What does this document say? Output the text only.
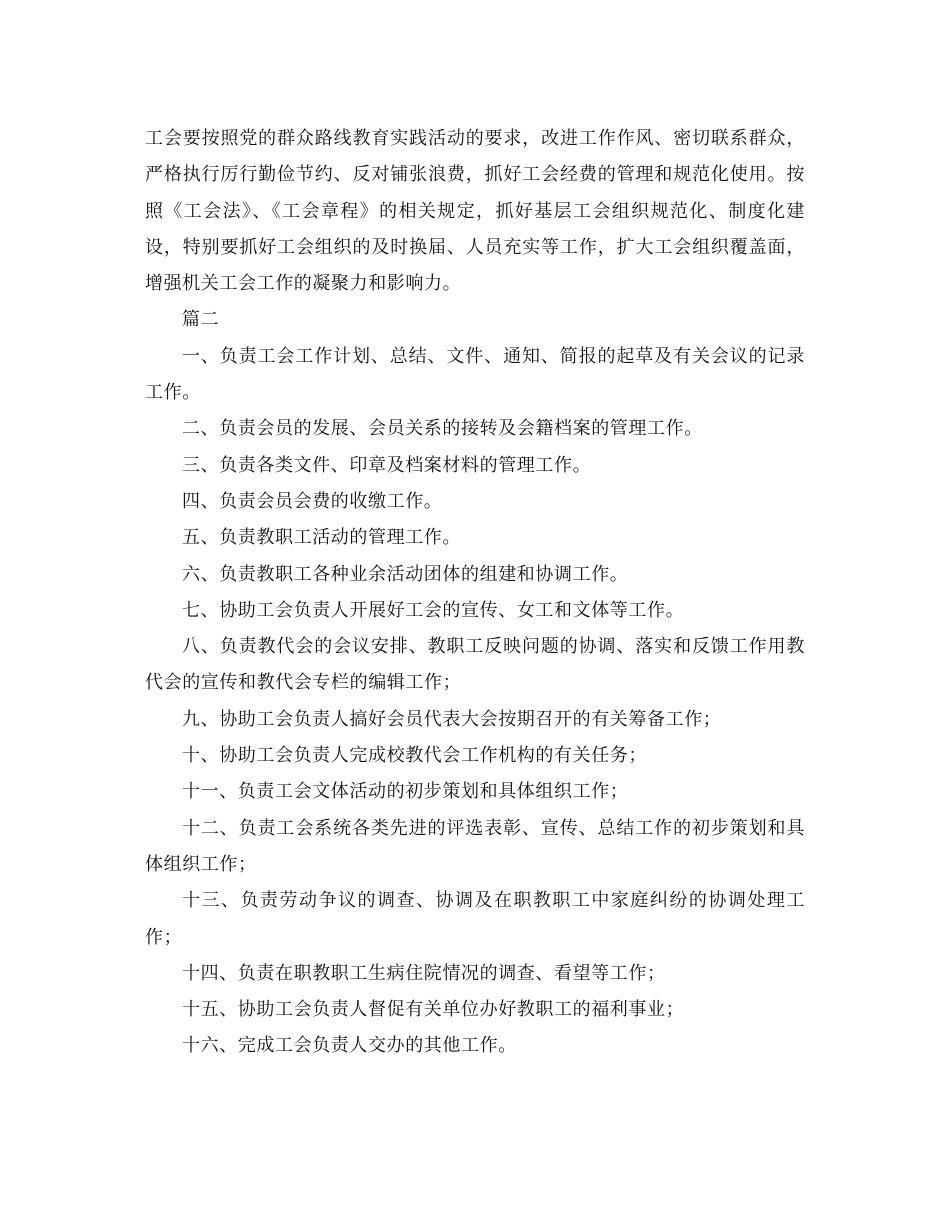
工会要按照党的群众路线教育实践活动的要求，改进工作作风、密切联系群众，严格执行厉行勤俭节约、反对铺张浪费，抓好工会经费的管理和规范化使用。按照《工会法》、《工会章程》的相关规定，抓好基层工会组织规范化、制度化建设，特别要抓好工会组织的及时换届、人员充实等工作，扩大工会组织覆盖面，增强机关工会工作的凝聚力和影响力。

篇二

一、负责工会工作计划、总结、文件、通知、简报的起草及有关会议的记录工作。

二、负责会员的发展、会员关系的接转及会籍档案的管理工作。

三、负责各类文件、印章及档案材料的管理工作。

四、负责会员会费的收缴工作。

五、负责教职工活动的管理工作。

六、负责教职工各种业余活动团体的组建和协调工作。

七、协助工会负责人开展好工会的宣传、女工和文体等工作。

八、负责教代会的会议安排、教职工反映问题的协调、落实和反馈工作用教代会的宣传和教代会专栏的编辑工作；

九、协助工会负责人搞好会员代表大会按期召开的有关筹备工作；

十、协助工会负责人完成校教代会工作机构的有关任务；

十一、负责工会文体活动的初步策划和具体组织工作；

十二、负责工会系统各类先进的评选表彰、宣传、总结工作的初步策划和具体组织工作；

十三、负责劳动争议的调查、协调及在职教职工中家庭纠纷的协调处理工作；

十四、负责在职教职工生病住院情况的调查、看望等工作；

十五、协助工会负责人督促有关单位办好教职工的福利事业；

十六、完成工会负责人交办的其他工作。
